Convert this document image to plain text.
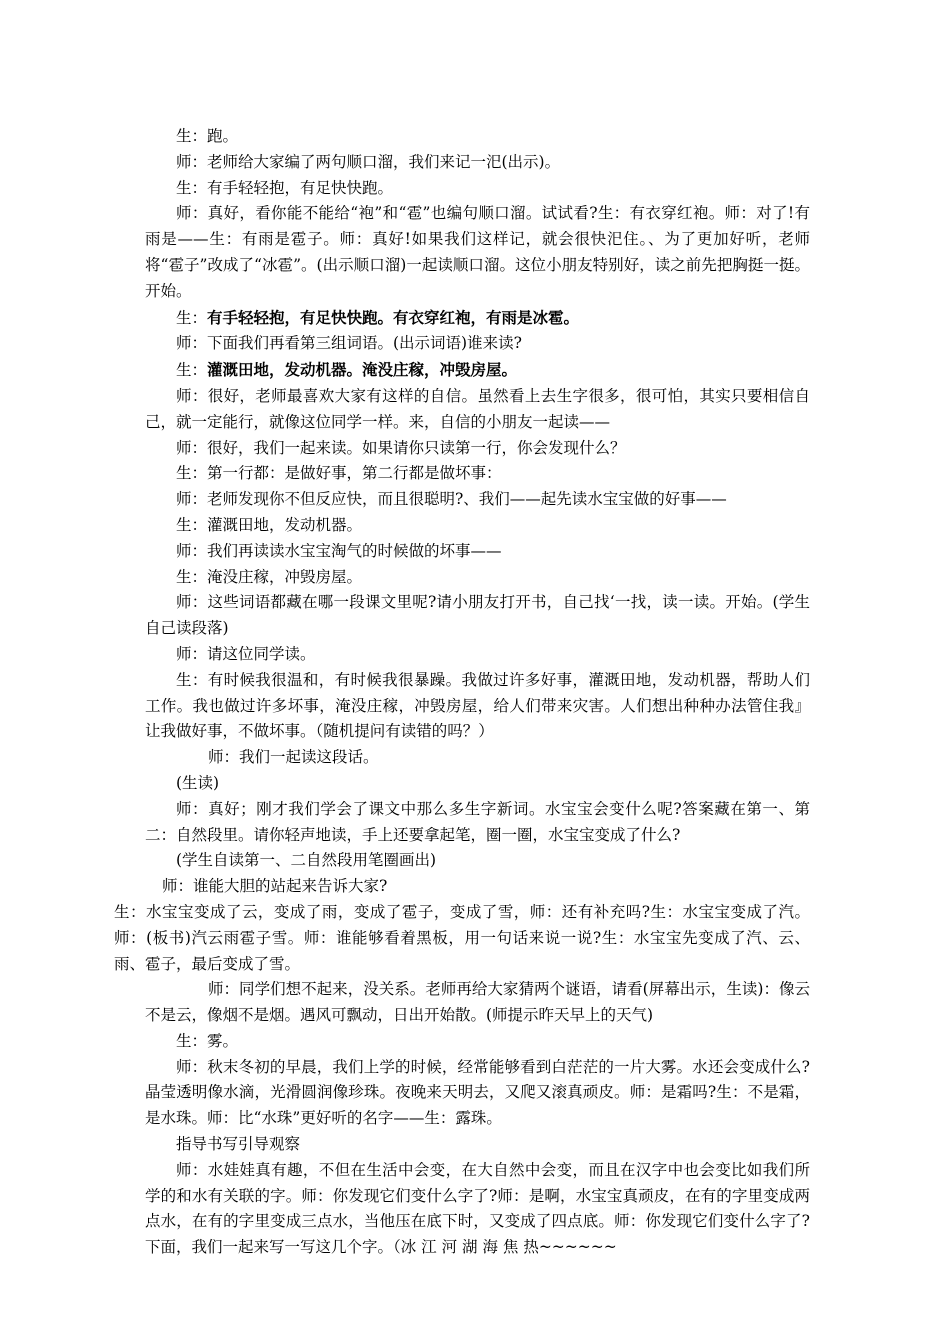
生：跑。

师：老师给大家编了两句顺口溜，我们来记一汜(出示)。

生：有手轻轻抱，有足快快跑。

师：真好，看你能不能给“袍”和“雹”也编句顺口溜。试试看?生：有衣穿红袍。师：对了!有雨是——生：有雨是雹子。师：真好!如果我们这样记，就会很快汜住。、为了更加好听，老师将“雹子”改成了“冰雹”。(出示顺口溜)一起读顺口溜。这位小朋友特别好，读之前先把胸挺一挺。开始。

生：有手轻轻抱，有足快快跑。有衣穿红袍，有雨是冰雹。

师：下面我们再看第三组词语。(出示词语)谁来读?

生：灌溉田地，发动机器。淹没庄稼，冲毁房屋。

师：很好，老师最喜欢大家有这样的自信。虽然看上去生字很多，很可怕，其实只要相信自己，就一定能行，就像这位同学一样。来，自信的小朋友一起读——

师：很好，我们一起来读。如果请你只读第一行，你会发现什么？

生：第一行都：是做好事，第二行都是做坏事：

师：老师发现你不但反应快，而且很聪明?、我们——起先读水宝宝做的好事——

生：灌溉田地，发动机器。

师：我们再读读水宝宝淘气的时候做的坏事——

生：淹没庄稼，冲毁房屋。

师：这些词语都藏在哪一段课文里呢?请小朋友打开书，自己找‘一找，读一读。开始。(学生自己读段落)

师：请这位同学读。

生：有时候我很温和，有时候我很暴躁。我做过许多好事，灌溉田地，发动机器，帮助人们工作。我也做过许多坏事，淹没庄稼，冲毁房屋，给人们带来灾害。人们想出种种办法管住我』让我做好事，不做坏事。（随机提问有读错的吗？）

师：我们一起读这段话。

(生读)

师：真好；刚才我们学会了课文中那么多生字新词。水宝宝会变什么呢?答案藏在第一、第二：自然段里。请你轻声地读，手上还要拿起笔，圈一圈，水宝宝变成了什么?

(学生自读第一、二自然段用笔圈画出)

师：谁能大胆的站起来告诉大家?

生：水宝宝变成了云，变成了雨，变成了雹子，变成了雪，师：还有补充吗?生：水宝宝变成了汽。师：(板书)汽云雨雹子雪。师：谁能够看着黑板，用一句话来说一说?生：水宝宝先变成了汽、云、雨、雹子，最后变成了雪。

师：同学们想不起来，没关系。老师再给大家猜两个谜语，请看(屏幕出示，生读)：像云不是云，像烟不是烟。遇风可飘动，日出开始散。(师提示昨天早上的天气)

生：雾。

师：秋末冬初的早晨，我们上学的时候，经常能够看到白茫茫的一片大雾。水还会变成什么?晶莹透明像水滴，光滑圆润像珍珠。夜晚来天明去，又爬又滚真顽皮。师：是霜吗?生：不是霜，是水珠。师：比“水珠”更好听的名字——生：露珠。

指导书写引导观察

师：水娃娃真有趣，不但在生活中会变，在大自然中会变，而且在汉字中也会变比如我们所学的和水有关联的字。师：你发现它们变什么字了?师：是啊，水宝宝真顽皮，在有的字里变成两点水，在有的字里变成三点水，当他压在底下时，又变成了四点底。师：你发现它们变什么字了?下面，我们一起来写一写这几个字。（冰 江 河 湖 海 焦 热~~~~~~
